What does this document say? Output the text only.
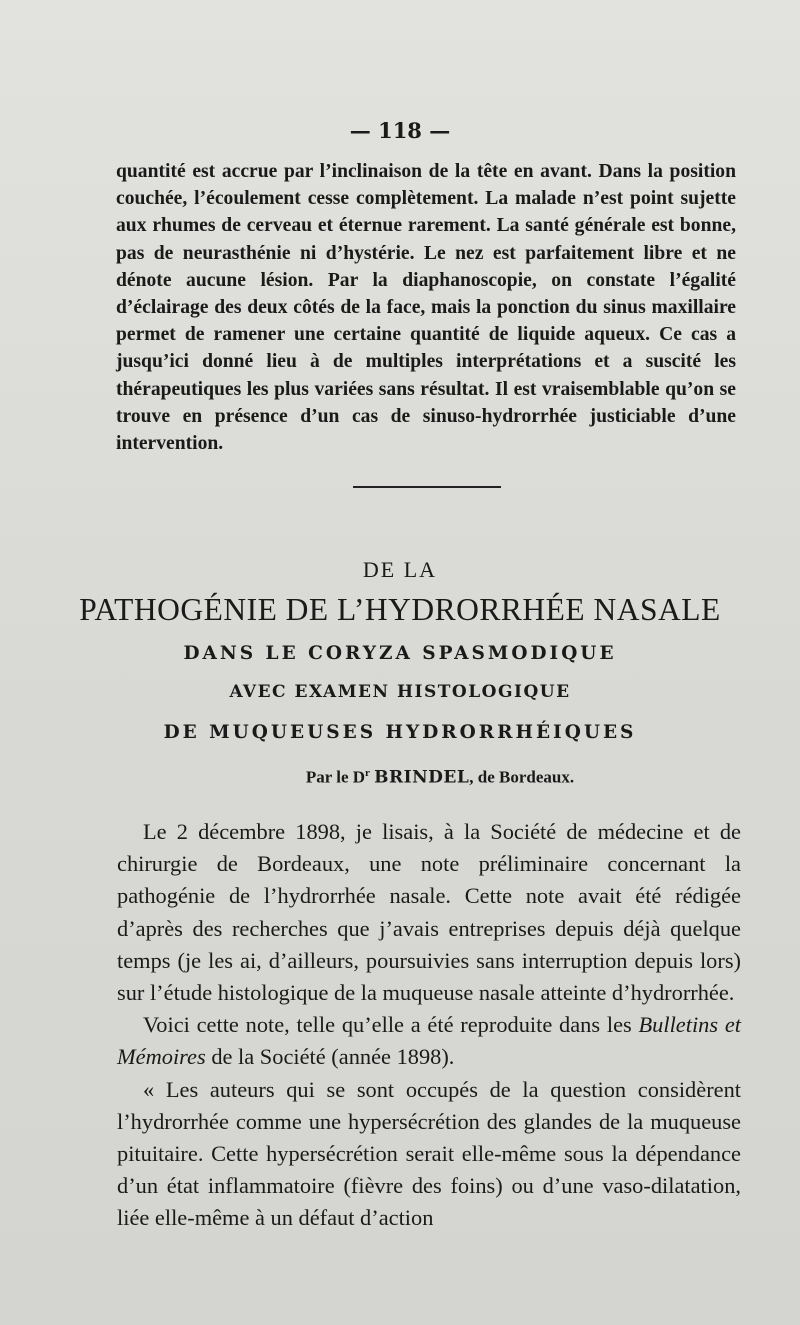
— 118 —
quantité est accrue par l’inclinaison de la tête en avant. Dans la position couchée, l’écoulement cesse complètement. La malade n’est point sujette aux rhumes de cerveau et éternue rarement. La santé générale est bonne, pas de neurasthénie ni d’hystérie. Le nez est parfaitement libre et ne dénote aucune lésion. Par la diaphanoscopie, on constate l’égalité d’éclairage des deux côtés de la face, mais la ponction du sinus maxillaire permet de ramener une certaine quantité de liquide aqueux. Ce cas a jusqu’ici donné lieu à de multiples interprétations et a suscité les thérapeutiques les plus variées sans résultat. Il est vraisemblable qu’on se trouve en présence d’un cas de sinuso-hydrorrhée justiciable d’une intervention.
DE LA
PATHOGÉNIE DE L’HYDRORRHÉE NASALE
DANS LE CORYZA SPASMODIQUE
AVEC EXAMEN HISTOLOGIQUE
DE MUQUEUSES HYDRORRHÉIQUES
Par le $D^r$ BRINDEL, de Bordeaux.

Le 2 décembre 1898, je lisais, à la Société de médecine et de chirurgie de Bordeaux, une note préliminaire concernant la pathogénie de l’hydrorrhée nasale. Cette note avait été rédigée d’après des recherches que j’avais entreprises depuis déjà quelque temps (je les ai, d’ailleurs, poursuivies sans interruption depuis lors) sur l’étude histologique de la muqueuse nasale atteinte d’hydrorrhée.

Voici cette note, telle qu’elle a été reproduite dans les Bulletins et Mémoires de la Société (année 1898).

« Les auteurs qui se sont occupés de la question considèrent l’hydrorrhée comme une hypersécrétion des glandes de la muqueuse pituitaire. Cette hypersécrétion serait elle-même sous la dépendance d’un état inflammatoire (fièvre des foins) ou d’une vaso-dilatation, liée elle-même à un défaut d’action
